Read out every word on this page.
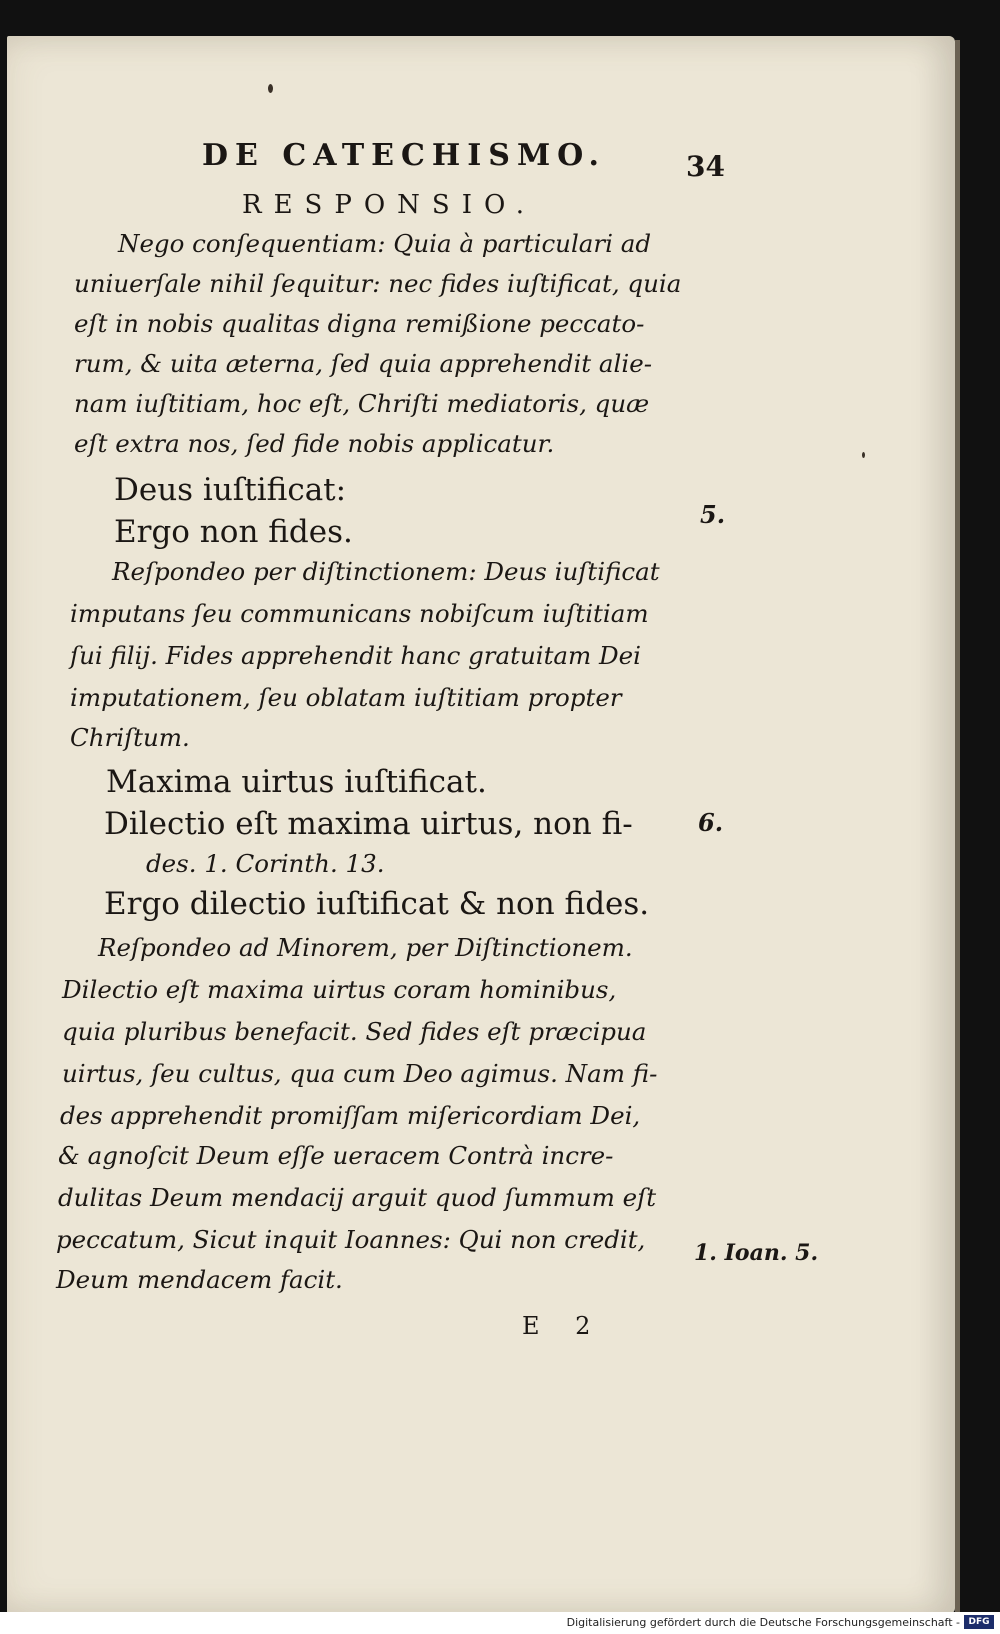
DE CATECHISMO.	34
RESPONSIO.
Nego conſequentiam: Quia à particulari ad
uniuerſale nihil ſequitur: nec fides iuſtificat, quia
eſt in nobis qualitas digna remißione peccato-
rum, & uita æterna, ſed quia apprehendit alie-
nam iuſtitiam, hoc eſt, Chriſti mediatoris, quæ
eſt extra nos, ſed fide nobis applicatur.
Deus iuſtificat:
Ergo non fides.	5.
Reſpondeo per diſtinctionem: Deus iuſtificat
imputans ſeu communicans nobiſcum iuſtitiam
ſui filij. Fides apprehendit hanc gratuitam Dei
imputationem, ſeu oblatam iuſtitiam propter
Chriſtum.
Maxima uirtus iuſtificat.
Dilectio eſt maxima uirtus, non fi-
des. 1. Corinth. 13.
Ergo dilectio iuſtificat & non fides.
6.
Reſpondeo ad Minorem, per Diſtinctionem.
Dilectio eſt maxima uirtus coram hominibus,
quia pluribus benefacit. Sed fides eſt præcipua
uirtus, ſeu cultus, qua cum Deo agimus. Nam fi-
des apprehendit promiſſam miſericordiam Dei,
& agnoſcit Deum eſſe ueracem Contrà incre-
dulitas Deum mendacij arguit quod ſummum eſt
peccatum, Sicut inquit Ioannes: Qui non credit,
Deum mendacem facit.
1. Ioan. 5.
E 2
Digitalisierung gefördert durch die Deutsche Forschungsgemeinschaft - DFG
